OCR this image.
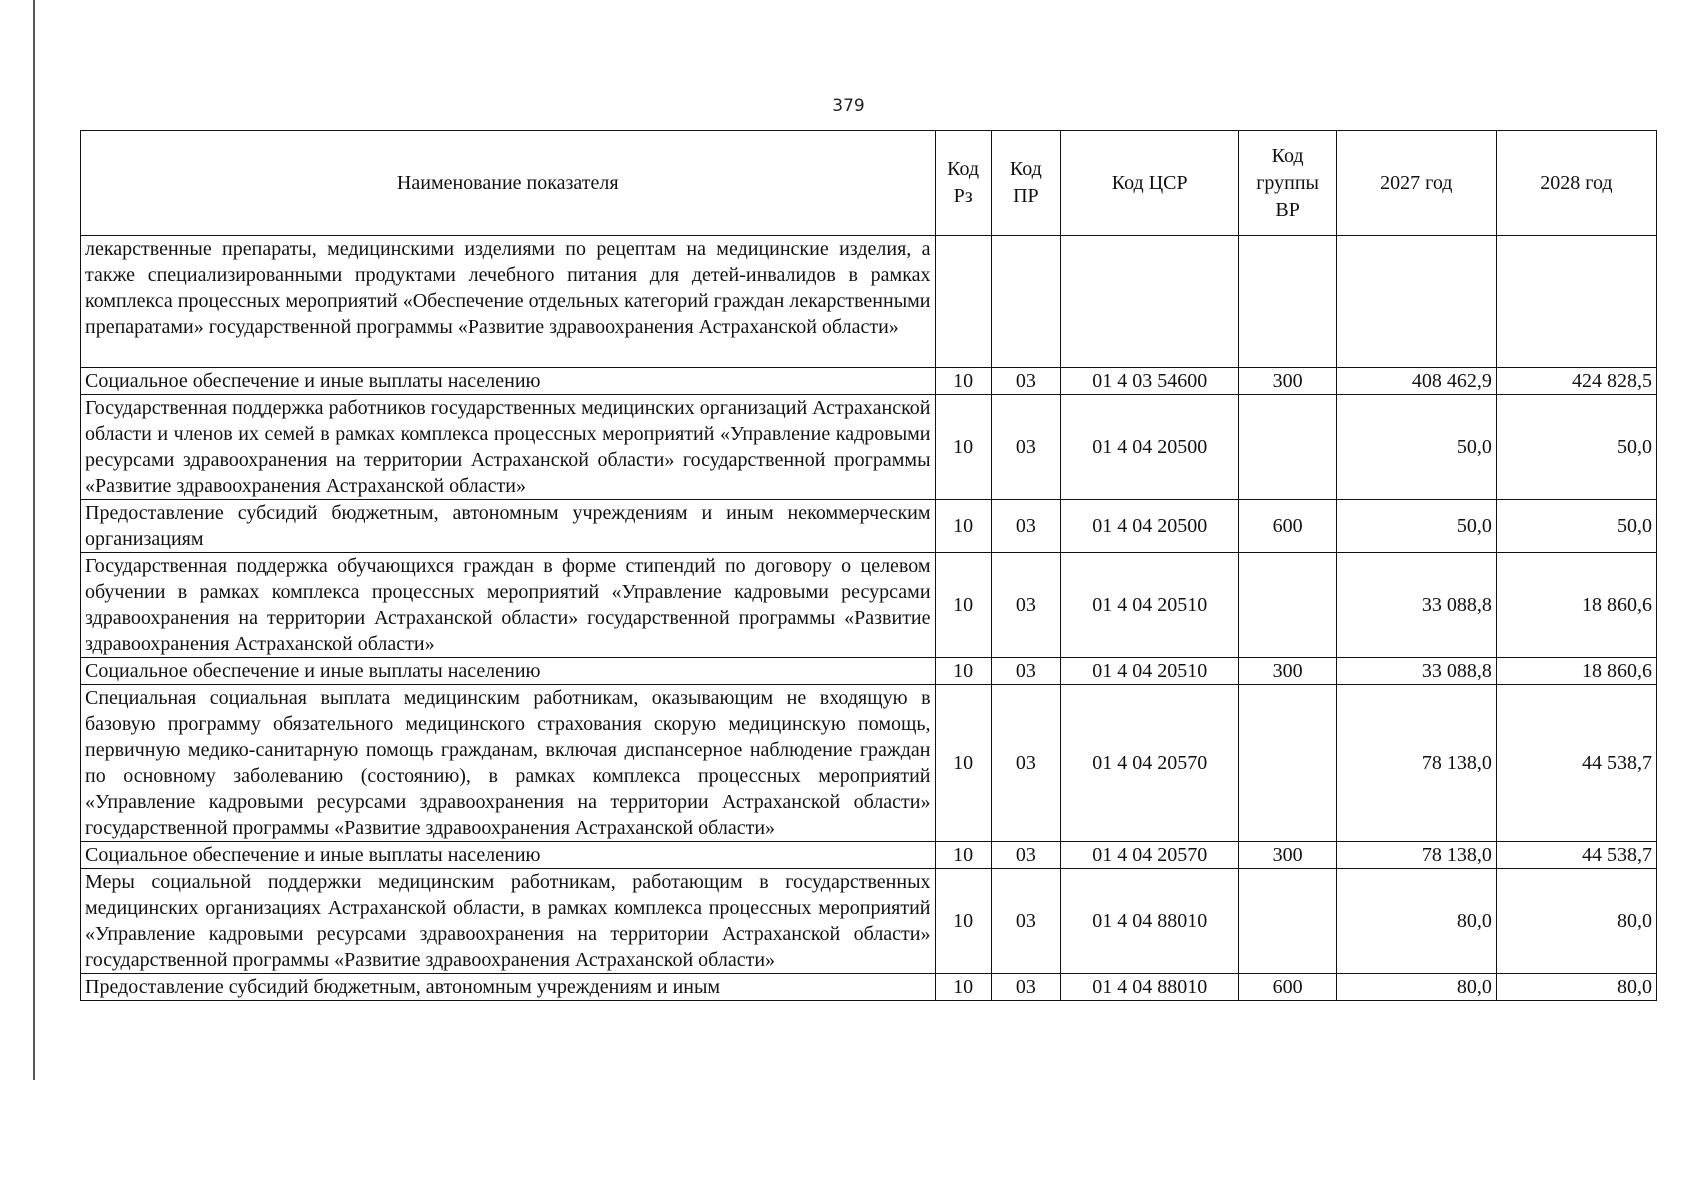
379
Наименование показателя	Код Рз	Код ПР	Код ЦСР	Код группы ВР	2027 год	2028 год
лекарственные препараты, медицинскими изделиями по рецептам на медицинские изделия, а также специализированными продуктами лечебного питания для детей-инвалидов в рамках комплекса процессных мероприятий «Обеспечение отдельных категорий граждан лекарственными препаратами» государственной программы «Развитие здравоохранения Астраханской области»						
Социальное обеспечение и иные выплаты населению	10	03	01 4 03 54600	300	408 462,9	424 828,5
Государственная поддержка работников государственных медицинских организаций Астраханской области и членов их семей в рамках комплекса процессных мероприятий «Управление кадровыми ресурсами здравоохранения на территории Астраханской области» государственной программы «Развитие здравоохранения Астраханской области»	10	03	01 4 04 20500		50,0	50,0
Предоставление субсидий бюджетным, автономным учреждениям и иным некоммерческим организациям	10	03	01 4 04 20500	600	50,0	50,0
Государственная поддержка обучающихся граждан в форме стипендий по договору о целевом обучении в рамках комплекса процессных мероприятий «Управление кадровыми ресурсами здравоохранения на территории Астраханской области» государственной программы «Развитие здравоохранения Астраханской области»	10	03	01 4 04 20510		33 088,8	18 860,6
Социальное обеспечение и иные выплаты населению	10	03	01 4 04 20510	300	33 088,8	18 860,6
Специальная социальная выплата медицинским работникам, оказывающим не входящую в базовую программу обязательного медицинского страхования скорую медицинскую помощь, первичную медико-санитарную помощь гражданам, включая диспансерное наблюдение граждан по основному заболеванию (состоянию), в рамках комплекса процессных мероприятий «Управление кадровыми ресурсами здравоохранения на территории Астраханской области» государственной программы «Развитие здравоохранения Астраханской области»	10	03	01 4 04 20570		78 138,0	44 538,7
Социальное обеспечение и иные выплаты населению	10	03	01 4 04 20570	300	78 138,0	44 538,7
Меры социальной поддержки медицинским работникам, работающим в государственных медицинских организациях Астраханской области, в рамках комплекса процессных мероприятий «Управление кадровыми ресурсами здравоохранения на территории Астраханской области» государственной программы «Развитие здравоохранения Астраханской области»	10	03	01 4 04 88010		80,0	80,0
Предоставление субсидий бюджетным, автономным учреждениям и иным	10	03	01 4 04 88010	600	80,0	80,0
